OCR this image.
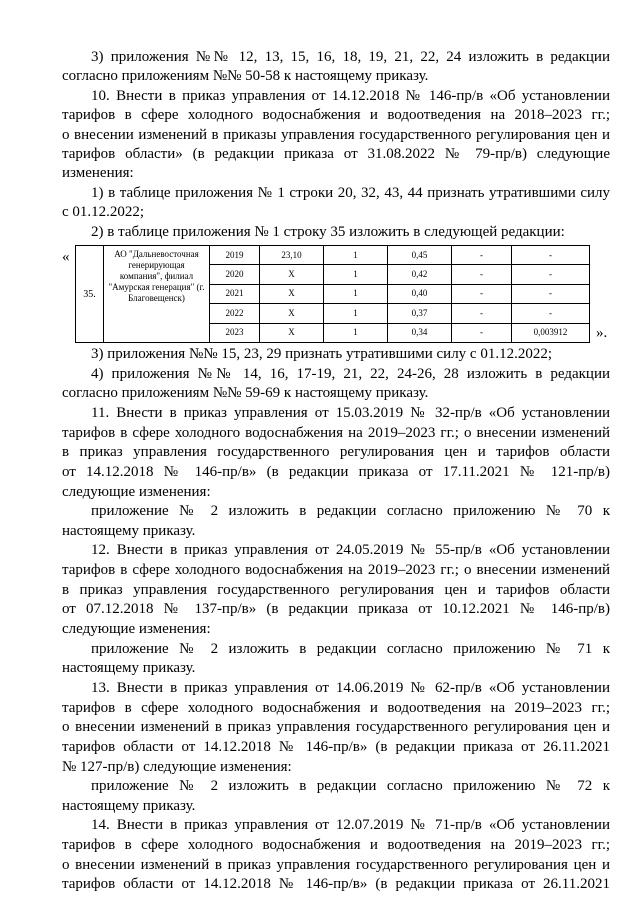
3) приложения №№ 12, 13, 15, 16, 18, 19, 21, 22, 24 изложить в редакции
согласно приложениям №№ 50-58 к настоящему приказу.
10. Внести в приказ управления от 14.12.2018 № 146-пр/в «Об установлении
тарифов в сфере холодного водоснабжения и водоотведения на 2018–2023 гг.;
о внесении изменений в приказы управления государственного регулирования цен и
тарифов области» (в редакции приказа от 31.08.2022 № 79-пр/в) следующие
изменения:
1) в таблице приложения № 1 строки 20, 32, 43, 44 признать утратившими силу
с 01.12.2022;
2) в таблице приложения № 1 строку 35 изложить в следующей редакции:
«
35.	АО "Дальневосточная генерирующая компания", филиал "Амурская генерация" (г. Благовещенск)	2019	23,10	1	0,45	-	-	
		2020	X	1	0,42	-	-	
		2021	X	1	0,40	-	-	
		2022	X	1	0,37	-	-	
		2023	X	1	0,34	-	0,003912	».
3) приложения №№ 15, 23, 29 признать утратившими силу с 01.12.2022;
4) приложения №№ 14, 16, 17-19, 21, 22, 24-26, 28 изложить в редакции
согласно приложениям №№ 59-69 к настоящему приказу.
11. Внести в приказ управления от 15.03.2019 № 32-пр/в «Об установлении
тарифов в сфере холодного водоснабжения на 2019–2023 гг.; о внесении изменений
в приказ управления государственного регулирования цен и тарифов области
от 14.12.2018 № 146-пр/в» (в редакции приказа от 17.11.2021 № 121-пр/в)
следующие изменения:
приложение № 2 изложить в редакции согласно приложению № 70 к
настоящему приказу.
12. Внести в приказ управления от 24.05.2019 № 55-пр/в «Об установлении
тарифов в сфере холодного водоснабжения на 2019–2023 гг.; о внесении изменений
в приказ управления государственного регулирования цен и тарифов области
от 07.12.2018 № 137-пр/в» (в редакции приказа от 10.12.2021 № 146-пр/в)
следующие изменения:
приложение № 2 изложить в редакции согласно приложению № 71 к
настоящему приказу.
13. Внести в приказ управления от 14.06.2019 № 62-пр/в «Об установлении
тарифов в сфере холодного водоснабжения и водоотведения на 2019–2023 гг.;
о внесении изменений в приказ управления государственного регулирования цен и
тарифов области от 14.12.2018 № 146-пр/в» (в редакции приказа от 26.11.2021
№ 127-пр/в) следующие изменения:
приложение № 2 изложить в редакции согласно приложению № 72 к
настоящему приказу.
14. Внести в приказ управления от 12.07.2019 № 71-пр/в «Об установлении
тарифов в сфере холодного водоснабжения и водоотведения на 2019–2023 гг.;
о внесении изменений в приказ управления государственного регулирования цен и
тарифов области от 14.12.2018 № 146-пр/в» (в редакции приказа от 26.11.2021
